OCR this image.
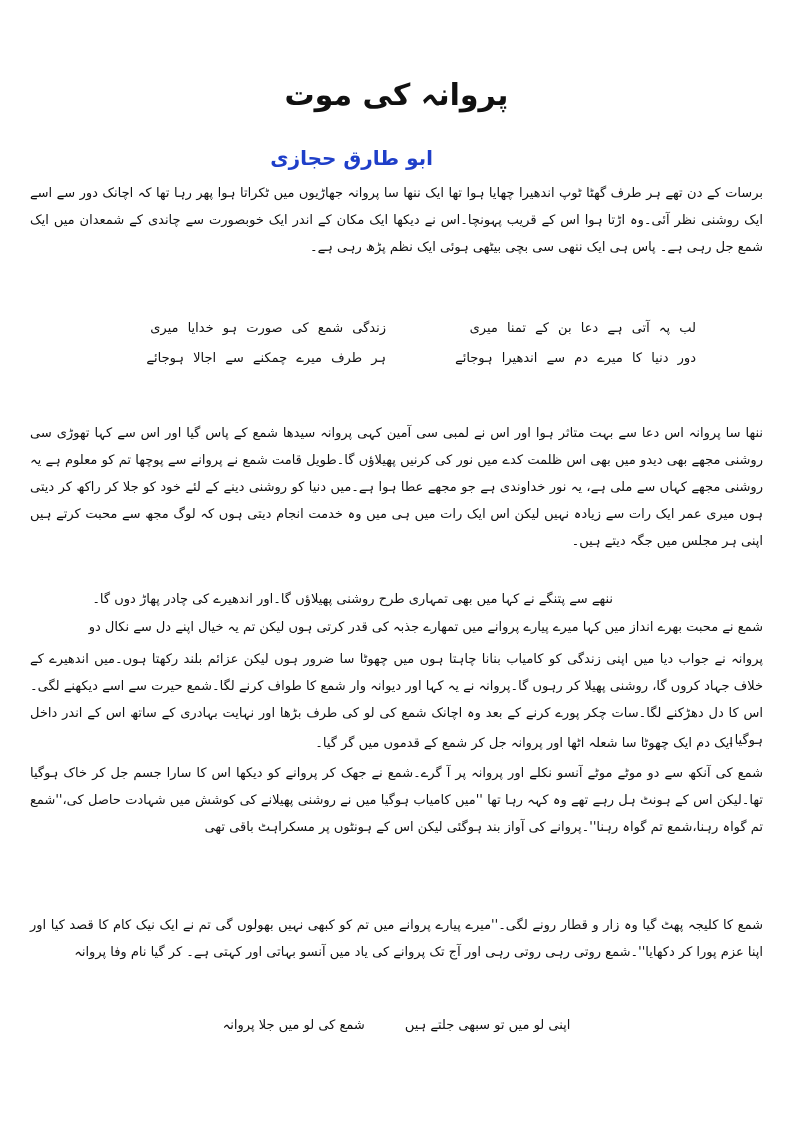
پروانہ کی موت
ابو طارق حجازی

برسات کے دن تھے ہر طرف گھٹا ٹوپ اندھیرا چھایا ہوا تھا ایک ننھا سا پروانہ جھاڑیوں میں ٹکراتا ہوا پھر رہا تھا کہ اچانک دور سے اسے ایک روشنی نظر آئی۔وہ اڑتا ہوا اس کے قریب پہونچا۔اس نے دیکھا ایک مکان کے اندر ایک خوبصورت سے چاندی کے شمعدان میں ایک شمع جل رہی ہے۔ پاس ہی ایک ننھی سی بچی بیٹھی ہوئی ایک نظم پڑھ رہی ہے۔

لب پہ آتی ہے دعا بن کے تمنا میری
زندگی شمع کی صورت ہو خدایا میری
دور دنیا کا میرے دم سے اندھیرا ہوجائے
ہر طرف میرے چمکنے سے اجالا ہوجائے

ننھا سا پروانہ اس دعا سے بہت متاثر ہوا اور اس نے لمبی سی آمین کہی پروانہ سیدھا شمع کے پاس گیا اور اس سے کہا تھوڑی سی روشنی مجھے بھی دیدو میں بھی اس ظلمت کدے میں نور کی کرنیں پھیلاؤں گا۔طویل قامت شمع نے پروانے سے پوچھا تم کو معلوم ہے یہ روشنی مجھے کہاں سے ملی ہے، یہ نور خداوندی ہے جو مجھے عطا ہوا ہے۔میں دنیا کو روشنی دینے کے لئے خود کو جلا کر راکھ کر دیتی ہوں میری عمر ایک رات سے زیادہ نہیں لیکن اس ایک رات میں ہی میں وہ خدمت انجام دیتی ہوں کہ لوگ مجھ سے محبت کرتے ہیں اپنی ہر مجلس میں جگہ دیتے ہیں۔

ننھے سے پتنگے نے کہا میں بھی تمہاری طرح روشنی پھیلاؤں گا۔اور اندھیرے کی چادر پھاڑ دوں گا۔
شمع نے محبت بھرے انداز میں کہا میرے پیارے پروانے میں تمھارے جذبہ کی قدر کرتی ہوں لیکن تم یہ خیال اپنے دل سے نکال دو

پروانہ نے جواب دیا میں اپنی زندگی کو کامیاب بنانا چاہتا ہوں میں چھوٹا سا ضرور ہوں لیکن عزائم بلند رکھتا ہوں۔میں اندھیرے کے خلاف جہاد کروں گا، روشنی پھیلا کر رہوں گا۔پروانہ نے یہ کہا اور دیوانہ وار شمع کا طواف کرنے لگا۔شمع حیرت سے اسے دیکھنے لگی۔اس کا دل دھڑکنے لگا۔سات چکر پورے کرنے کے بعد وہ اچانک شمع کی لو کی طرف بڑھا اور نہایت بہادری کے ساتھ اس کے اندر داخل ہوگیا۔

ایک دم ایک چھوٹا سا شعلہ اٹھا اور پروانہ جل کر شمع کے قدموں میں گر گیا۔

شمع کی آنکھ سے دو موٹے موٹے آنسو نکلے اور پروانہ پر آ گرے۔شمع نے جھک کر پروانے کو دیکھا اس کا سارا جسم جل کر خاک ہوگیا تھا۔لیکن اس کے ہونٹ ہل رہے تھے وہ کہہ رہا تھا ''میں کامیاب ہوگیا میں نے روشنی پھیلانے کی کوشش میں شہادت حاصل کی،''شمع تم گواہ رہنا،شمع تم گواہ رہنا''۔پروانے کی آواز بند ہوگئی لیکن اس کے ہونٹوں پر مسکراہٹ باقی تھی

شمع کا کلیجہ پھٹ گیا وہ زار و قطار رونے لگی۔''میرے پیارے پروانے میں تم کو کبھی نہیں بھولوں گی تم نے ایک نیک کام کا قصد کیا اور اپنا عزم پورا کر دکھایا''۔شمع روتی رہی روتی رہی اور آج تک پروانے کی یاد میں آنسو بہاتی اور کہتی ہے۔ کر گیا نام وفا پروانہ

اپنی لو میں تو سبھی جلتے ہیں
شمع کی لو میں جلا پروانہ
